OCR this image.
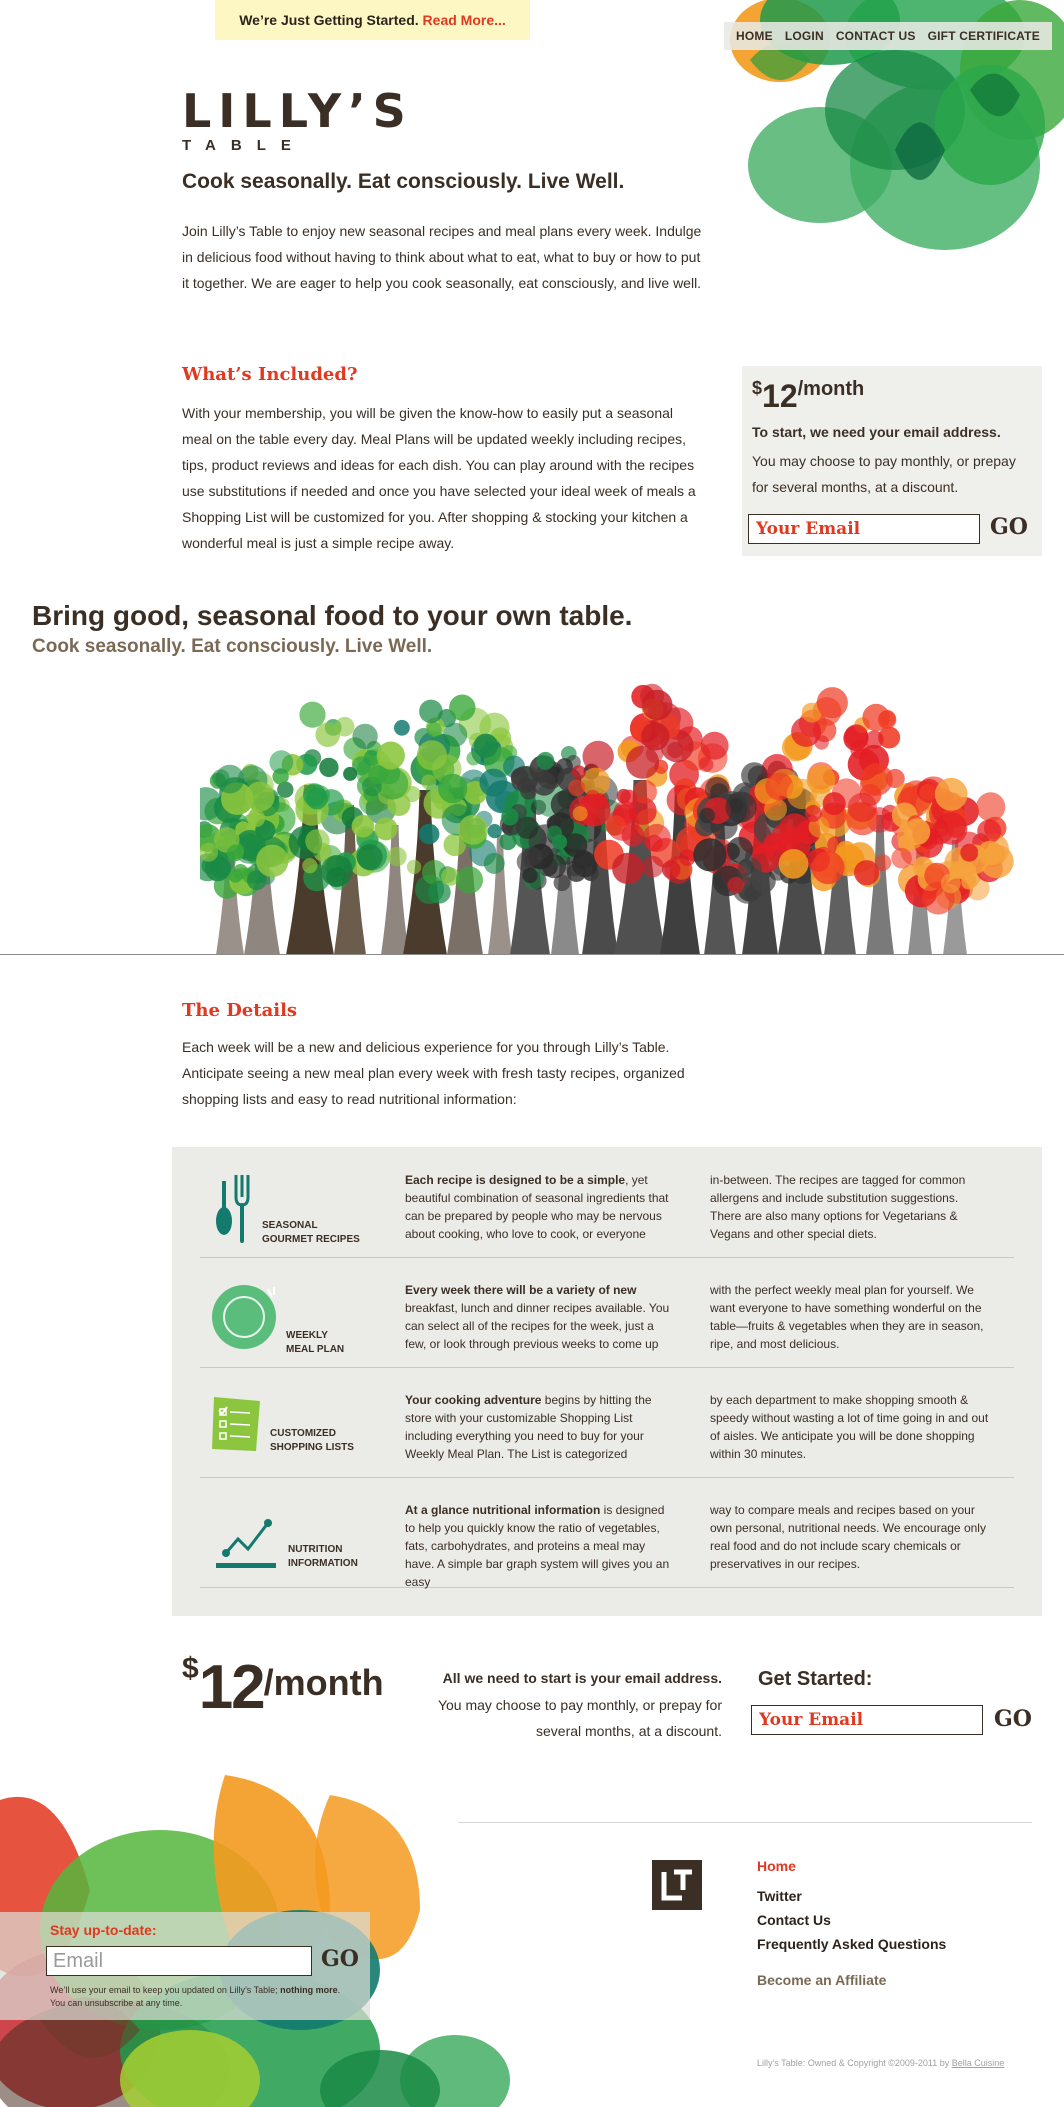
We’re Just Getting Started. Read More...
HOME LOGIN CONTACT US GIFT CERTIFICATE
LILLY’S
TABLE
Cook seasonally. Eat consciously. Live Well.
Join Lilly’s Table to enjoy new seasonal recipes and meal plans every week. Indulge in delicious food without having to think about what to eat, what to buy or how to put it together. We are eager to help you cook seasonally, eat consciously, and live well.
What’s Included?
With your membership, you will be given the know-how to easily put a seasonal meal on the table every day. Meal Plans will be updated weekly including recipes, tips, product reviews and ideas for each dish. You can play around with the recipes use substitutions if needed and once you have selected your ideal week of meals a Shopping List will be customized for you. After shopping & stocking your kitchen a wonderful meal is just a simple recipe away.
$12/month
To start, we need your email address.
You may choose to pay monthly, or prepay for several months, at a discount.
Your Email
GO
Bring good, seasonal food to your own table.
Cook seasonally. Eat consciously. Live Well.
The Details
Each week will be a new and delicious experience for you through Lilly’s Table. Anticipate seeing a new meal plan every week with fresh tasty recipes, organized shopping lists and easy to read nutritional information:
SEASONAL
GOURMET RECIPES
Each recipe is designed to be a simple, yet beautiful combination of seasonal ingredients that can be prepared by people who may be nervous about cooking, who love to cook, or everyone
in-between. The recipes are tagged for common allergens and include substitution suggestions. There are also many options for Vegetarians & Vegans and other special diets.
WEEKLY
MEAL PLAN
Every week there will be a variety of new breakfast, lunch and dinner recipes available. You can select all of the recipes for the week, just a few, or look through previous weeks to come up
with the perfect weekly meal plan for yourself. We want everyone to have something wonderful on the table—fruits & vegetables when they are in season, ripe, and most delicious.
CUSTOMIZED
SHOPPING LISTS
Your cooking adventure begins by hitting the store with your customizable Shopping List including everything you need to buy for your Weekly Meal Plan. The List is categorized
by each department to make shopping smooth & speedy without wasting a lot of time going in and out of aisles. We anticipate you will be done shopping within 30 minutes.
NUTRITION
INFORMATION
At a glance nutritional information is designed to help you quickly know the ratio of vegetables, fats, carbohydrates, and proteins a meal may have. A simple bar graph system will gives you an easy
way to compare meals and recipes based on your own personal, nutritional needs. We encourage only real food and do not include scary chemicals or preservatives in our recipes.
$12/month	All we need to start is your email address.
You may choose to pay monthly, or prepay for several months, at a discount.
Get Started:
Your Email
GO
Stay up-to-date:
Email
GO
We’ll use your email to keep you updated on Lilly’s Table; nothing more. You can unsubscribe at any time.
Home
Twitter
Contact Us
Frequently Asked Questions
Become an Affiliate
Lilly’s Table: Owned & Copyright ©2009-2011 by Bella Cuisine
